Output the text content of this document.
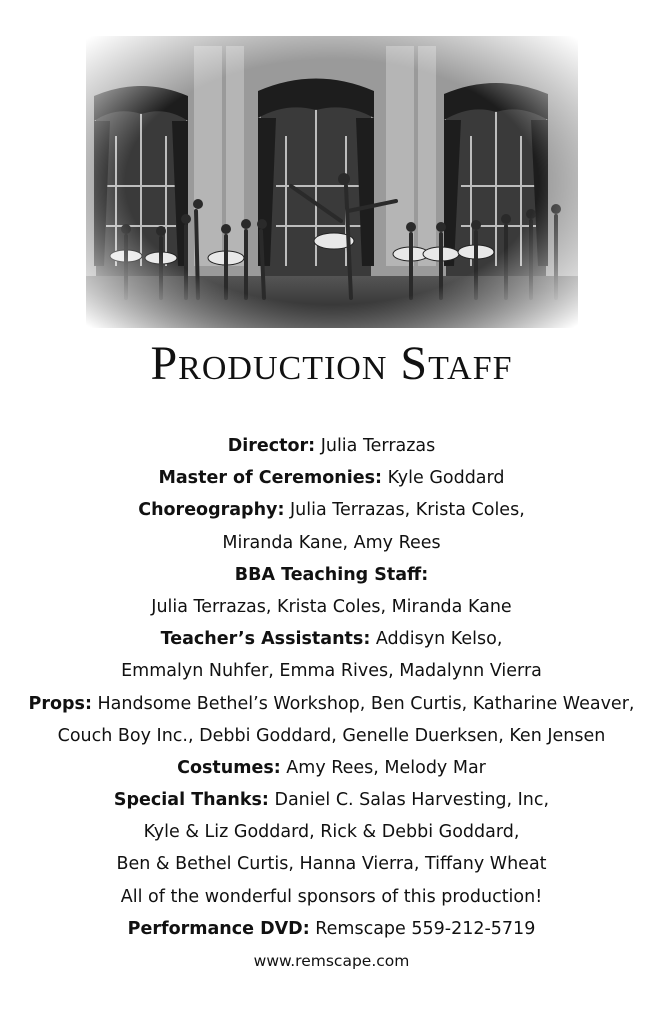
Production Staff
Director: Julia Terrazas
Master of Ceremonies: Kyle Goddard
Choreography: Julia Terrazas, Krista Coles,
Miranda Kane, Amy Rees
BBA Teaching Staff:
Julia Terrazas, Krista Coles, Miranda Kane
Teacher’s Assistants: Addisyn Kelso,
Emmalyn Nuhfer, Emma Rives, Madalynn Vierra
Props: Handsome Bethel’s Workshop, Ben Curtis, Katharine Weaver,
Couch Boy Inc., Debbi Goddard, Genelle Duerksen, Ken Jensen
Costumes: Amy Rees, Melody Mar
Special Thanks: Daniel C. Salas Harvesting, Inc,
Kyle & Liz Goddard, Rick & Debbi Goddard,
Ben & Bethel Curtis, Hanna Vierra, Tiffany Wheat
All of the wonderful sponsors of this production!
Performance DVD: Remscape 559-212-5719
www.remscape.com
